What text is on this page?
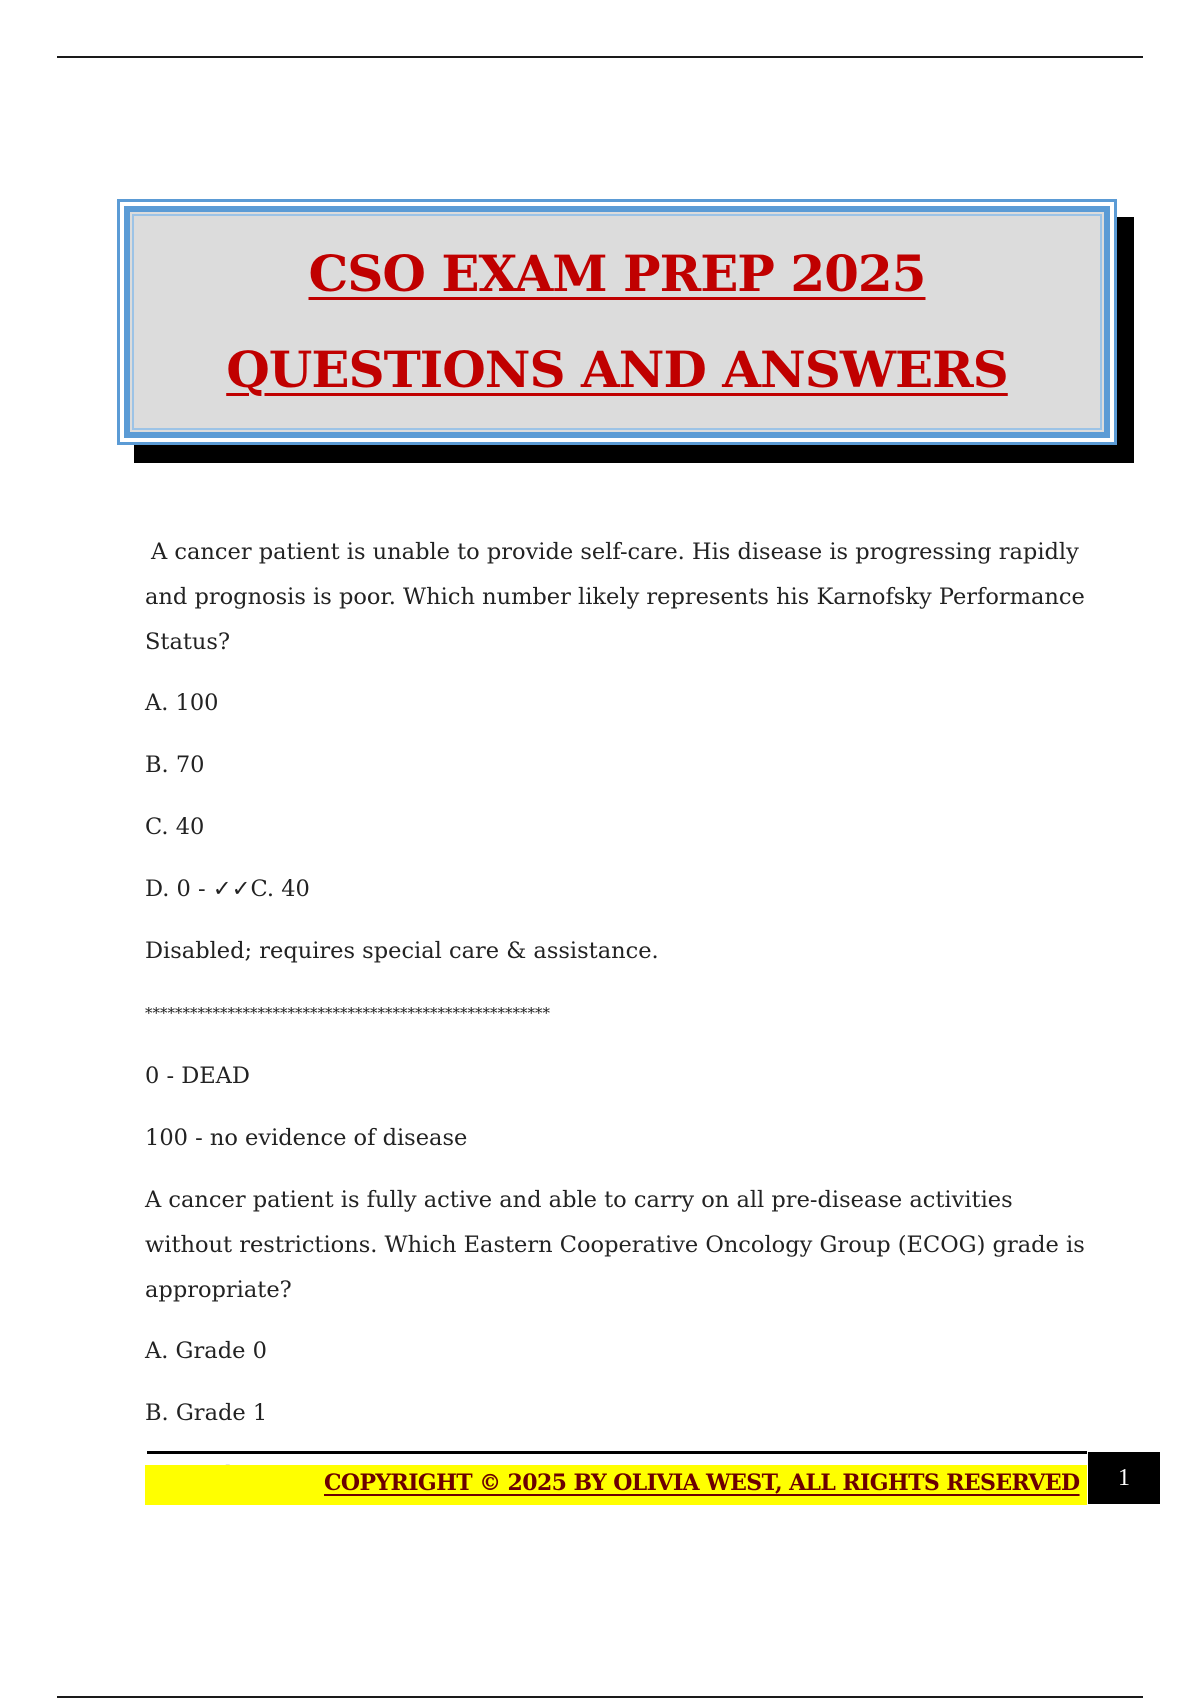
CSO EXAM PREP 2025
QUESTIONS AND ANSWERS

A cancer patient is unable to provide self-care. His disease is progressing rapidly and prognosis is poor. Which number likely represents his Karnofsky Performance Status?

A. 100

B. 70

C. 40

D. 0 - ✓✓C. 40

Disabled; requires special care & assistance.

******************************************************

0 - DEAD

100 - no evidence of disease

A cancer patient is fully active and able to carry on all pre-disease activities without restrictions. Which Eastern Cooperative Oncology Group (ECOG) grade is appropriate?

A. Grade 0

B. Grade 1

COPYRIGHT © 2025 BY OLIVIA WEST, ALL RIGHTS RESERVED	1
